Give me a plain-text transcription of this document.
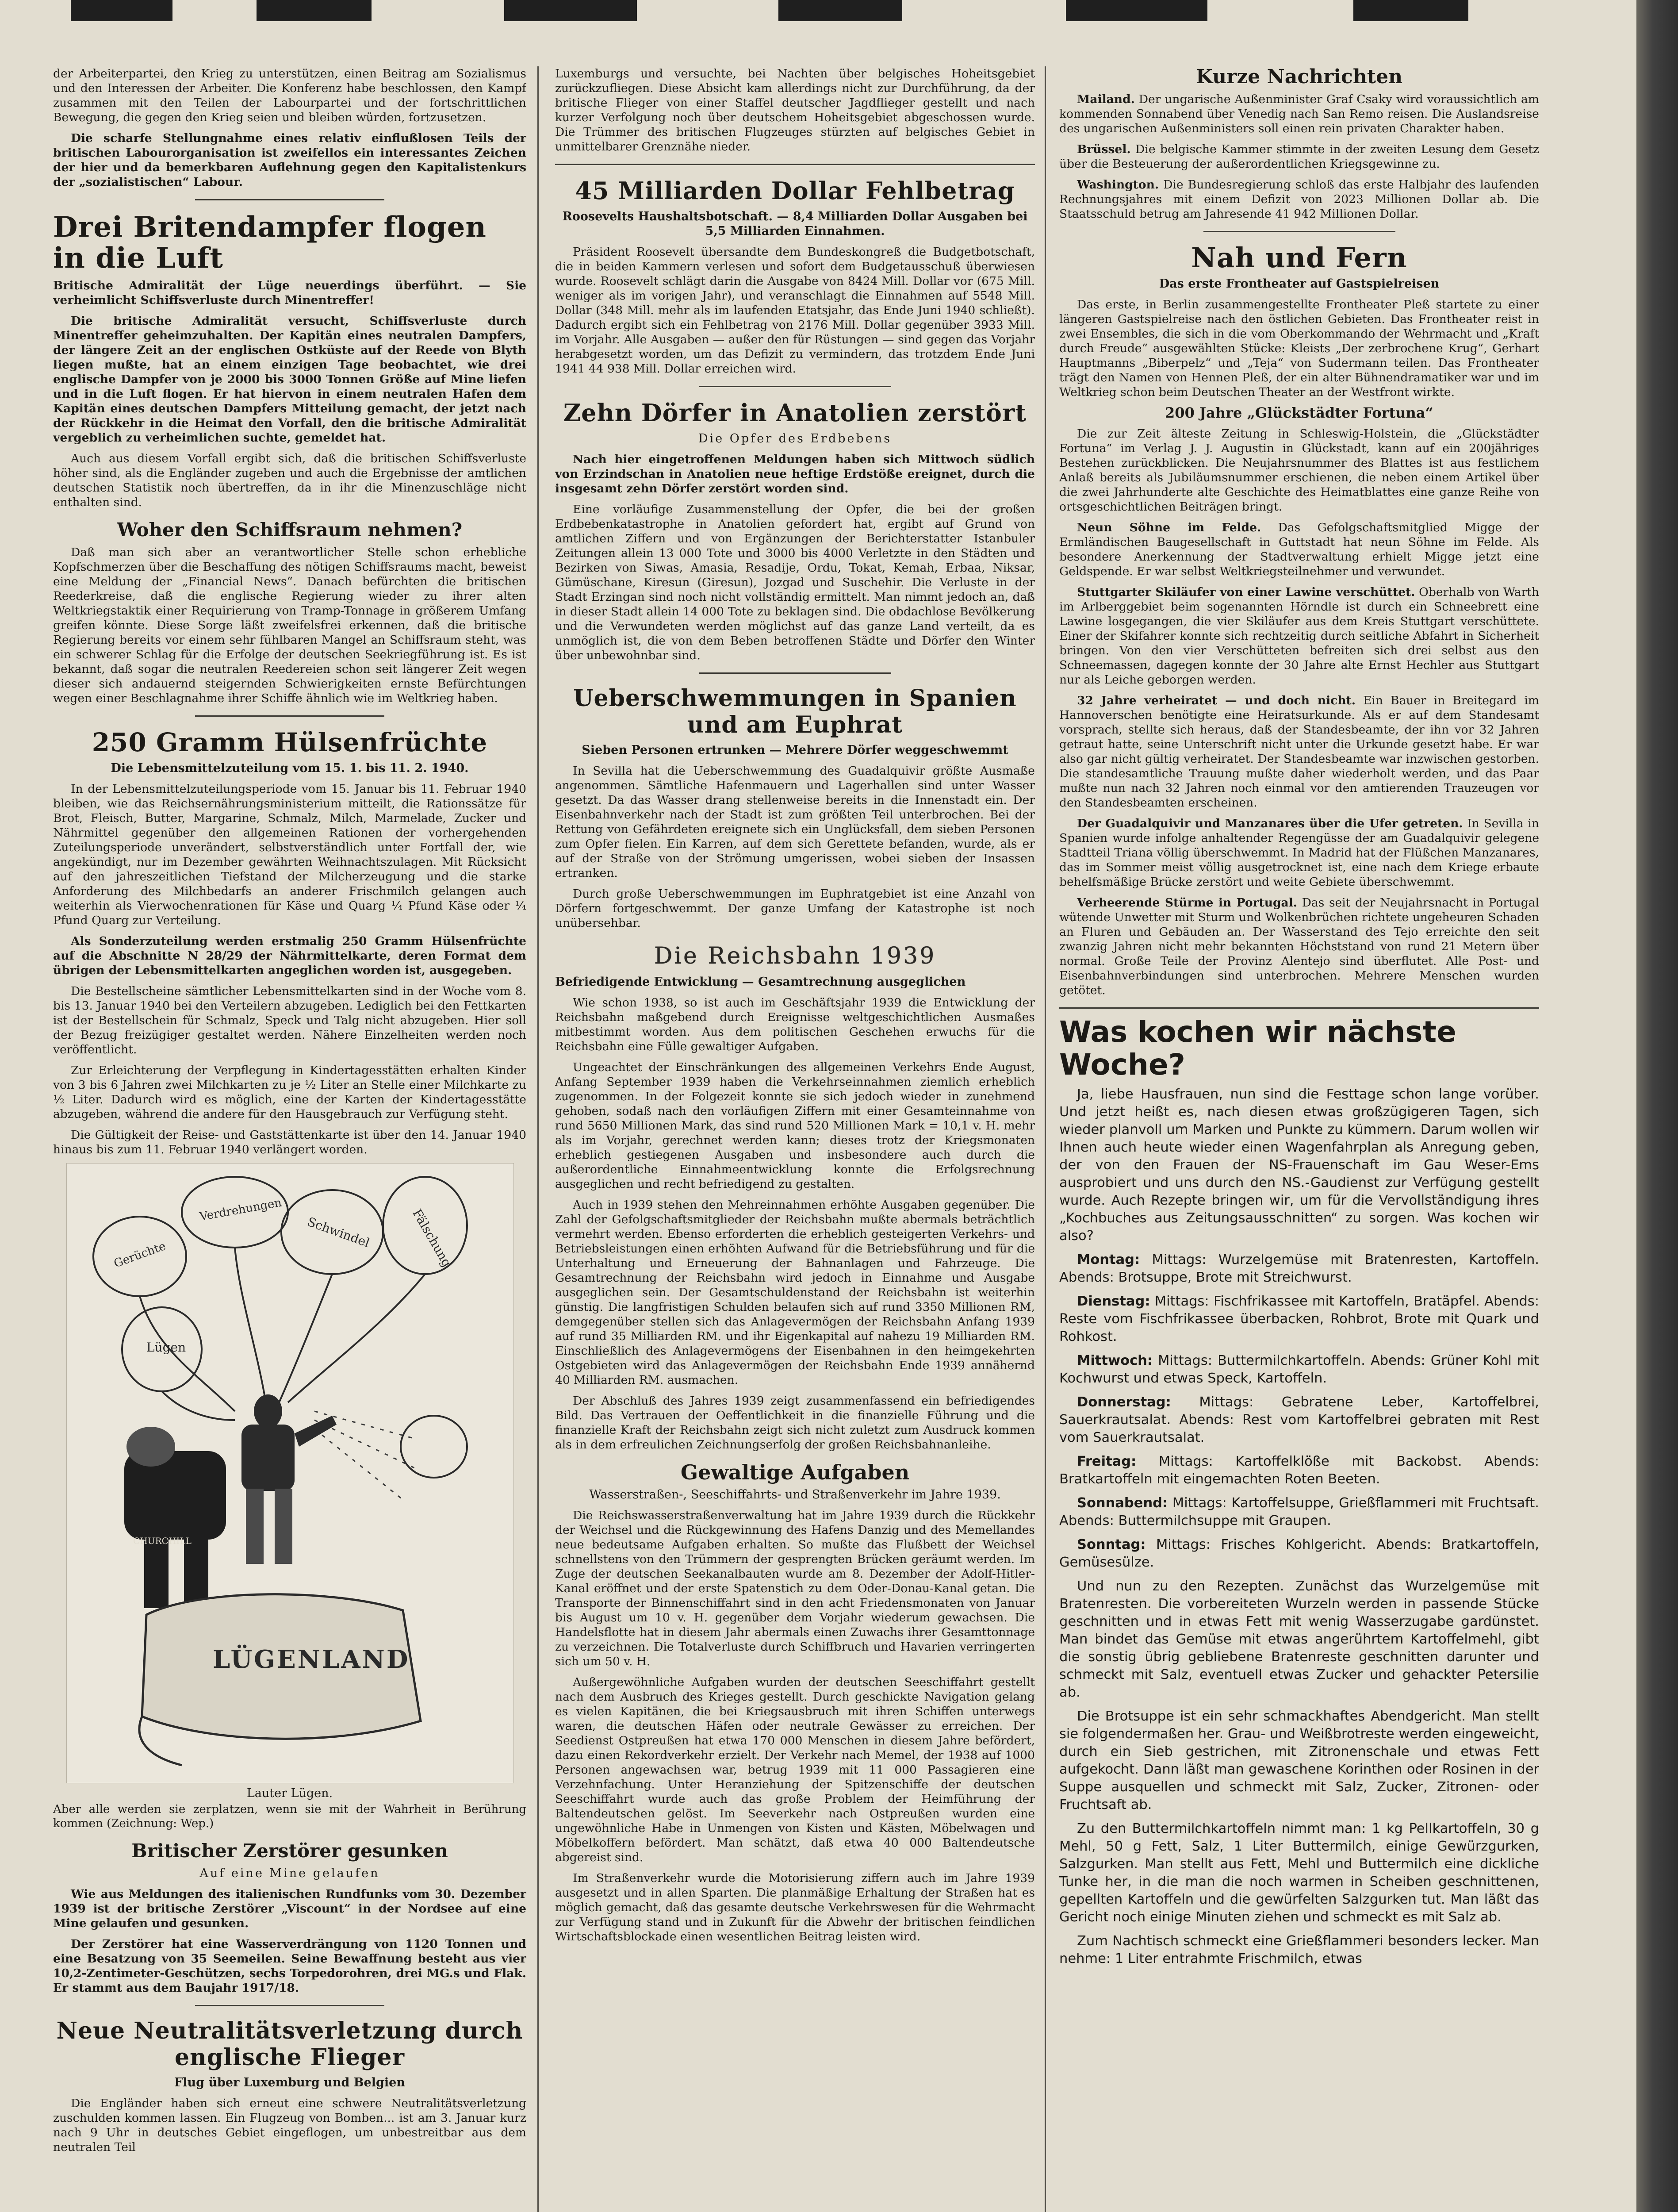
der Arbeiterpartei, den Krieg zu unterstützen, einen Beitrag am Sozialismus und den Interessen der Arbeiter. Die Konferenz habe beschlossen, den Kampf zusammen mit den Teilen der Labourpartei und der fortschrittlichen Bewegung, die gegen den Krieg seien und bleiben würden, fortzusetzen.

Die scharfe Stellungnahme eines relativ einflußlosen Teils der britischen Labourorganisation ist zweifellos ein interessantes Zeichen der hier und da bemerkbaren Auflehnung gegen den Kapitalistenkurs der „sozialistischen“ Labour.

Drei Britendampfer flogen in die Luft

Britische Admiralität der Lüge neuerdings überführt. — Sie verheimlicht Schiffsverluste durch Minentreffer!

Die britische Admiralität versucht, Schiffsverluste durch Minentreffer geheimzuhalten. Der Kapitän eines neutralen Dampfers, der längere Zeit an der englischen Ostküste auf der Reede von Blyth liegen mußte, hat an einem einzigen Tage beobachtet, wie drei englische Dampfer von je 2000 bis 3000 Tonnen Größe auf Mine liefen und in die Luft flogen. Er hat hiervon in einem neutralen Hafen dem Kapitän eines deutschen Dampfers Mitteilung gemacht, der jetzt nach der Rückkehr in die Heimat den Vorfall, den die britische Admiralität vergeblich zu verheimlichen suchte, gemeldet hat.

Auch aus diesem Vorfall ergibt sich, daß die britischen Schiffsverluste höher sind, als die Engländer zugeben und auch die Ergebnisse der amtlichen deutschen Statistik noch übertreffen, da in ihr die Minenzuschläge nicht enthalten sind.

Woher den Schiffsraum nehmen?

Daß man sich aber an verantwortlicher Stelle schon erhebliche Kopfschmerzen über die Beschaffung des nötigen Schiffsraums macht, beweist eine Meldung der „Financial News“. Danach befürchten die britischen Reederkreise, daß die englische Regierung wieder zu ihrer alten Weltkriegstaktik einer Requirierung von Tramp-Tonnage in größerem Umfang greifen könnte. Diese Sorge läßt zweifelsfrei erkennen, daß die britische Regierung bereits vor einem sehr fühlbaren Mangel an Schiffsraum steht, was ein schwerer Schlag für die Erfolge der deutschen Seekriegführung ist. Es ist bekannt, daß sogar die neutralen Reedereien schon seit längerer Zeit wegen dieser sich andauernd steigernden Schwierigkeiten ernste Befürchtungen wegen einer Beschlagnahme ihrer Schiffe ähnlich wie im Weltkrieg haben.

250 Gramm Hülsenfrüchte

Die Lebensmittelzuteilung vom 15. 1. bis 11. 2. 1940.

In der Lebensmittelzuteilungsperiode vom 15. Januar bis 11. Februar 1940 bleiben, wie das Reichsernährungsministerium mitteilt, die Rationssätze für Brot, Fleisch, Butter, Margarine, Schmalz, Milch, Marmelade, Zucker und Nährmittel gegenüber den allgemeinen Rationen der vorhergehenden Zuteilungsperiode unverändert, selbstverständlich unter Fortfall der, wie angekündigt, nur im Dezember gewährten Weihnachtszulagen. Mit Rücksicht auf den jahreszeitlichen Tiefstand der Milcherzeugung und die starke Anforderung des Milchbedarfs an anderer Frischmilch gelangen auch weiterhin als Vierwochenrationen für Käse und Quarg ¼ Pfund Käse oder ¼ Pfund Quarg zur Verteilung.

Als Sonderzuteilung werden erstmalig 250 Gramm Hülsenfrüchte auf die Abschnitte N 28/29 der Nährmittelkarte, deren Format dem übrigen der Lebensmittelkarten angeglichen worden ist, ausgegeben.

Die Bestellscheine sämtlicher Lebensmittelkarten sind in der Woche vom 8. bis 13. Januar 1940 bei den Verteilern abzugeben. Lediglich bei den Fettkarten ist der Bestellschein für Schmalz, Speck und Talg nicht abzugeben. Hier soll der Bezug freizügiger gestaltet werden. Nähere Einzelheiten werden noch veröffentlicht.

Zur Erleichterung der Verpflegung in Kindertagesstätten erhalten Kinder von 3 bis 6 Jahren zwei Milchkarten zu je ½ Liter an Stelle einer Milchkarte zu ½ Liter. Dadurch wird es möglich, eine der Karten der Kindertagesstätte abzugeben, während die andere für den Hausgebrauch zur Verfügung steht.

Die Gültigkeit der Reise- und Gaststättenkarte ist über den 14. Januar 1940 hinaus bis zum 11. Februar 1940 verlängert worden.

Gerüchte
Verdrehungen
Schwindel	Fälschung
Lügen
CHURCHILL
LÜGENLAND
Lauter Lügen.
Aber alle werden sie zerplatzen, wenn sie mit der Wahrheit in Berührung kommen (Zeichnung: Wep.)
Britischer Zerstörer gesunken

Auf eine Mine gelaufen

Wie aus Meldungen des italienischen Rundfunks vom 30. Dezember 1939 ist der britische Zerstörer „Viscount“ in der Nordsee auf eine Mine gelaufen und gesunken.

Der Zerstörer hat eine Wasserverdrängung von 1120 Tonnen und eine Besatzung von 35 Seemeilen. Seine Bewaffnung besteht aus vier 10,2-Zentimeter-Geschützen, sechs Torpedorohren, drei MG.s und Flak. Er stammt aus dem Baujahr 1917/18.

Neue Neutralitätsverletzung durch englische Flieger

Flug über Luxemburg und Belgien

Die Engländer haben sich erneut eine schwere Neutralitätsverletzung zuschulden kommen lassen. Ein Flugzeug von Bomben... ist am 3. Januar kurz nach 9 Uhr in deutsches Gebiet eingeflogen, um unbestreitbar aus dem neutralen Teil

Luxemburgs und versuchte, bei Nachten über belgisches Hoheitsgebiet zurückzufliegen. Diese Absicht kam allerdings nicht zur Durchführung, da der britische Flieger von einer Staffel deutscher Jagdflieger gestellt und nach kurzer Verfolgung noch über deutschem Hoheitsgebiet abgeschossen wurde. Die Trümmer des britischen Flugzeuges stürzten auf belgisches Gebiet in unmittelbarer Grenznähe nieder.

45 Milliarden Dollar Fehlbetrag

Roosevelts Haushaltsbotschaft. — 8,4 Milliarden Dollar Ausgaben bei 5,5 Milliarden Einnahmen.

Präsident Roosevelt übersandte dem Bundeskongreß die Budgetbotschaft, die in beiden Kammern verlesen und sofort dem Budgetausschuß überwiesen wurde. Roosevelt schlägt darin die Ausgabe von 8424 Mill. Dollar vor (675 Mill. weniger als im vorigen Jahr), und veranschlagt die Einnahmen auf 5548 Mill. Dollar (348 Mill. mehr als im laufenden Etatsjahr, das Ende Juni 1940 schließt). Dadurch ergibt sich ein Fehlbetrag von 2176 Mill. Dollar gegenüber 3933 Mill. im Vorjahr. Alle Ausgaben — außer den für Rüstungen — sind gegen das Vorjahr herabgesetzt worden, um das Defizit zu vermindern, das trotzdem Ende Juni 1941 44 938 Mill. Dollar erreichen wird.

Zehn Dörfer in Anatolien zerstört

Die Opfer des Erdbebens

Nach hier eingetroffenen Meldungen haben sich Mittwoch südlich von Erzindschan in Anatolien neue heftige Erdstöße ereignet, durch die insgesamt zehn Dörfer zerstört worden sind.

Eine vorläufige Zusammenstellung der Opfer, die bei der großen Erdbebenkatastrophe in Anatolien gefordert hat, ergibt auf Grund von amtlichen Ziffern und von Ergänzungen der Berichterstatter Istanbuler Zeitungen allein 13 000 Tote und 3000 bis 4000 Verletzte in den Städten und Bezirken von Siwas, Amasia, Resadije, Ordu, Tokat, Kemah, Erbaa, Niksar, Gümüschane, Kiresun (Giresun), Jozgad und Suschehir. Die Verluste in der Stadt Erzingan sind noch nicht vollständig ermittelt. Man nimmt jedoch an, daß in dieser Stadt allein 14 000 Tote zu beklagen sind. Die obdachlose Bevölkerung und die Verwundeten werden möglichst auf das ganze Land verteilt, da es unmöglich ist, die von dem Beben betroffenen Städte und Dörfer den Winter über unbewohnbar sind.

Ueberschwemmungen in Spanien und am Euphrat

Sieben Personen ertrunken — Mehrere Dörfer weggeschwemmt

In Sevilla hat die Ueberschwemmung des Guadalquivir größte Ausmaße angenommen. Sämtliche Hafenmauern und Lagerhallen sind unter Wasser gesetzt. Da das Wasser drang stellenweise bereits in die Innenstadt ein. Der Eisenbahnverkehr nach der Stadt ist zum größten Teil unterbrochen. Bei der Rettung von Gefährdeten ereignete sich ein Unglücksfall, dem sieben Personen zum Opfer fielen. Ein Karren, auf dem sich Gerettete befanden, wurde, als er auf der Straße von der Strömung umgerissen, wobei sieben der Insassen ertranken.

Durch große Ueberschwemmungen im Euphratgebiet ist eine Anzahl von Dörfern fortgeschwemmt. Der ganze Umfang der Katastrophe ist noch unübersehbar.

Die Reichsbahn 1939

Befriedigende Entwicklung — Gesamtrechnung ausgeglichen

Wie schon 1938, so ist auch im Geschäftsjahr 1939 die Entwicklung der Reichsbahn maßgebend durch Ereignisse weltgeschichtlichen Ausmaßes mitbestimmt worden. Aus dem politischen Geschehen erwuchs für die Reichsbahn eine Fülle gewaltiger Aufgaben.

Ungeachtet der Einschränkungen des allgemeinen Verkehrs Ende August, Anfang September 1939 haben die Verkehrseinnahmen ziemlich erheblich zugenommen. In der Folgezeit konnte sie sich jedoch wieder in zunehmend gehoben, sodaß nach den vorläufigen Ziffern mit einer Gesamteinnahme von rund 5650 Millionen Mark, das sind rund 520 Millionen Mark = 10,1 v. H. mehr als im Vorjahr, gerechnet werden kann; dieses trotz der Kriegsmonaten erheblich gestiegenen Ausgaben und insbesondere auch durch die außerordentliche Einnahmeentwicklung konnte die Erfolgsrechnung ausgeglichen und recht befriedigend zu gestalten.

Auch in 1939 stehen den Mehreinnahmen erhöhte Ausgaben gegenüber. Die Zahl der Gefolgschaftsmitglieder der Reichsbahn mußte abermals beträchtlich vermehrt werden. Ebenso erforderten die erheblich gesteigerten Verkehrs- und Betriebsleistungen einen erhöhten Aufwand für die Betriebsführung und für die Unterhaltung und Erneuerung der Bahnanlagen und Fahrzeuge. Die Gesamtrechnung der Reichsbahn wird jedoch in Einnahme und Ausgabe ausgeglichen sein. Der Gesamtschuldenstand der Reichsbahn ist weiterhin günstig. Die langfristigen Schulden belaufen sich auf rund 3350 Millionen RM, demgegenüber stellen sich das Anlagevermögen der Reichsbahn Anfang 1939 auf rund 35 Milliarden RM. und ihr Eigenkapital auf nahezu 19 Milliarden RM. Einschließlich des Anlagevermögens der Eisenbahnen in den heimgekehrten Ostgebieten wird das Anlagevermögen der Reichsbahn Ende 1939 annähernd 40 Milliarden RM. ausmachen.

Der Abschluß des Jahres 1939 zeigt zusammenfassend ein befriedigendes Bild. Das Vertrauen der Oeffentlichkeit in die finanzielle Führung und die finanzielle Kraft der Reichsbahn zeigt sich nicht zuletzt zum Ausdruck kommen als in dem erfreulichen Zeichnungserfolg der großen Reichsbahnanleihe.

Gewaltige Aufgaben

Wasserstraßen-, Seeschiffahrts- und Straßenverkehr im Jahre 1939.

Die Reichswasserstraßenverwaltung hat im Jahre 1939 durch die Rückkehr der Weichsel und die Rückgewinnung des Hafens Danzig und des Memellandes neue bedeutsame Aufgaben erhalten. So mußte das Flußbett der Weichsel schnellstens von den Trümmern der gesprengten Brücken geräumt werden. Im Zuge der deutschen Seekanalbauten wurde am 8. Dezember der Adolf-Hitler-Kanal eröffnet und der erste Spatenstich zu dem Oder-Donau-Kanal getan. Die Transporte der Binnenschiffahrt sind in den acht Friedensmonaten von Januar bis August um 10 v. H. gegenüber dem Vorjahr wiederum gewachsen. Die Handelsflotte hat in diesem Jahr abermals einen Zuwachs ihrer Gesamttonnage zu verzeichnen. Die Totalverluste durch Schiffbruch und Havarien verringerten sich um 50 v. H.

Außergewöhnliche Aufgaben wurden der deutschen Seeschiffahrt gestellt nach dem Ausbruch des Krieges gestellt. Durch geschickte Navigation gelang es vielen Kapitänen, die bei Kriegsausbruch mit ihren Schiffen unterwegs waren, die deutschen Häfen oder neutrale Gewässer zu erreichen. Der Seedienst Ostpreußen hat etwa 170 000 Menschen in diesem Jahre befördert, dazu einen Rekordverkehr erzielt. Der Verkehr nach Memel, der 1938 auf 1000 Personen angewachsen war, betrug 1939 mit 11 000 Passagieren eine Verzehnfachung. Unter Heranziehung der Spitzenschiffe der deutschen Seeschiffahrt wurde auch das große Problem der Heimführung der Baltendeutschen gelöst. Im Seeverkehr nach Ostpreußen wurden eine ungewöhnliche Habe in Unmengen von Kisten und Kästen, Möbelwagen und Möbelkoffern befördert. Man schätzt, daß etwa 40 000 Baltendeutsche abgereist sind.

Im Straßenverkehr wurde die Motorisierung ziffern auch im Jahre 1939 ausgesetzt und in allen Sparten. Die planmäßige Erhaltung der Straßen hat es möglich gemacht, daß das gesamte deutsche Verkehrswesen für die Wehrmacht zur Verfügung stand und in Zukunft für die Abwehr der britischen feindlichen Wirtschaftsblockade einen wesentlichen Beitrag leisten wird.

Kurze Nachrichten

Mailand. Der ungarische Außenminister Graf Csaky wird voraussichtlich am kommenden Sonnabend über Venedig nach San Remo reisen. Die Auslandsreise des ungarischen Außenministers soll einen rein privaten Charakter haben.

Brüssel. Die belgische Kammer stimmte in der zweiten Lesung dem Gesetz über die Besteuerung der außerordentlichen Kriegsgewinne zu.

Washington. Die Bundesregierung schloß das erste Halbjahr des laufenden Rechnungsjahres mit einem Defizit von 2023 Millionen Dollar ab. Die Staatsschuld betrug am Jahresende 41 942 Millionen Dollar.

Nah und Fern

Das erste Frontheater auf Gastspielreisen

Das erste, in Berlin zusammengestellte Frontheater Pleß startete zu einer längeren Gastspielreise nach den östlichen Gebieten. Das Frontheater reist in zwei Ensembles, die sich in die vom Oberkommando der Wehrmacht und „Kraft durch Freude“ ausgewählten Stücke: Kleists „Der zerbrochene Krug“, Gerhart Hauptmanns „Biberpelz“ und „Teja“ von Sudermann teilen. Das Frontheater trägt den Namen von Hennen Pleß, der ein alter Bühnendramatiker war und im Weltkrieg schon beim Deutschen Theater an der Westfront wirkte.

200 Jahre „Glückstädter Fortuna“

Die zur Zeit älteste Zeitung in Schleswig-Holstein, die „Glückstädter Fortuna“ im Verlag J. J. Augustin in Glückstadt, kann auf ein 200jähriges Bestehen zurückblicken. Die Neujahrsnummer des Blattes ist aus festlichem Anlaß bereits als Jubiläumsnummer erschienen, die neben einem Artikel über die zwei Jahrhunderte alte Geschichte des Heimatblattes eine ganze Reihe von ortsgeschichtlichen Beiträgen bringt.

Neun Söhne im Felde. Das Gefolgschaftsmitglied Migge der Ermländischen Baugesellschaft in Guttstadt hat neun Söhne im Felde. Als besondere Anerkennung der Stadtverwaltung erhielt Migge jetzt eine Geldspende. Er war selbst Weltkriegsteilnehmer und verwundet.

Stuttgarter Skiläufer von einer Lawine verschüttet. Oberhalb von Warth im Arlberggebiet beim sogenannten Hörndle ist durch ein Schneebrett eine Lawine losgegangen, die vier Skiläufer aus dem Kreis Stuttgart verschüttete. Einer der Skifahrer konnte sich rechtzeitig durch seitliche Abfahrt in Sicherheit bringen. Von den vier Verschütteten befreiten sich drei selbst aus den Schneemassen, dagegen konnte der 30 Jahre alte Ernst Hechler aus Stuttgart nur als Leiche geborgen werden.

32 Jahre verheiratet — und doch nicht. Ein Bauer in Breitegard im Hannoverschen benötigte eine Heiratsurkunde. Als er auf dem Standesamt vorsprach, stellte sich heraus, daß der Standesbeamte, der ihn vor 32 Jahren getraut hatte, seine Unterschrift nicht unter die Urkunde gesetzt habe. Er war also gar nicht gültig verheiratet. Der Standesbeamte war inzwischen gestorben. Die standesamtliche Trauung mußte daher wiederholt werden, und das Paar mußte nun nach 32 Jahren noch einmal vor den amtierenden Trauzeugen vor den Standesbeamten erscheinen.

Der Guadalquivir und Manzanares über die Ufer getreten. In Sevilla in Spanien wurde infolge anhaltender Regengüsse der am Guadalquivir gelegene Stadtteil Triana völlig überschwemmt. In Madrid hat der Flüßchen Manzanares, das im Sommer meist völlig ausgetrocknet ist, eine nach dem Kriege erbaute behelfsmäßige Brücke zerstört und weite Gebiete überschwemmt.

Verheerende Stürme in Portugal. Das seit der Neujahrsnacht in Portugal wütende Unwetter mit Sturm und Wolkenbrüchen richtete ungeheuren Schaden an Fluren und Gebäuden an. Der Wasserstand des Tejo erreichte den seit zwanzig Jahren nicht mehr bekannten Höchststand von rund 21 Metern über normal. Große Teile der Provinz Alentejo sind überflutet. Alle Post- und Eisenbahnverbindungen sind unterbrochen. Mehrere Menschen wurden getötet.

Was kochen wir nächste Woche?

Ja, liebe Hausfrauen, nun sind die Festtage schon lange vorüber. Und jetzt heißt es, nach diesen etwas großzügigeren Tagen, sich wieder planvoll um Marken und Punkte zu kümmern. Darum wollen wir Ihnen auch heute wieder einen Wagenfahrplan als Anregung geben, der von den Frauen der NS-Frauenschaft im Gau Weser-Ems ausprobiert und uns durch den NS.-Gaudienst zur Verfügung gestellt wurde. Auch Rezepte bringen wir, um für die Vervollständigung ihres „Kochbuches aus Zeitungsausschnitten“ zu sorgen. Was kochen wir also?

Montag: Mittags: Wurzelgemüse mit Bratenresten, Kartoffeln. Abends: Brotsuppe, Brote mit Streichwurst.

Dienstag: Mittags: Fischfrikassee mit Kartoffeln, Bratäpfel. Abends: Reste vom Fischfrikassee überbacken, Rohbrot, Brote mit Quark und Rohkost.

Mittwoch: Mittags: Buttermilchkartoffeln. Abends: Grüner Kohl mit Kochwurst und etwas Speck, Kartoffeln.

Donnerstag: Mittags: Gebratene Leber, Kartoffelbrei, Sauerkrautsalat. Abends: Rest vom Kartoffelbrei gebraten mit Rest vom Sauerkrautsalat.

Freitag: Mittags: Kartoffelklöße mit Backobst. Abends: Bratkartoffeln mit eingemachten Roten Beeten.

Sonnabend: Mittags: Kartoffelsuppe, Grießflammeri mit Fruchtsaft. Abends: Buttermilchsuppe mit Graupen.

Sonntag: Mittags: Frisches Kohlgericht. Abends: Bratkartoffeln, Gemüsesülze.

Und nun zu den Rezepten. Zunächst das Wurzelgemüse mit Bratenresten. Die vorbereiteten Wurzeln werden in passende Stücke geschnitten und in etwas Fett mit wenig Wasserzugabe gardünstet. Man bindet das Gemüse mit etwas angerührtem Kartoffelmehl, gibt die sonstig übrig gebliebene Bratenreste geschnitten darunter und schmeckt mit Salz, eventuell etwas Zucker und gehackter Petersilie ab.

Die Brotsuppe ist ein sehr schmackhaftes Abendgericht. Man stellt sie folgendermaßen her. Grau- und Weißbrotreste werden eingeweicht, durch ein Sieb gestrichen, mit Zitronenschale und etwas Fett aufgekocht. Dann läßt man gewaschene Korinthen oder Rosinen in der Suppe ausquellen und schmeckt mit Salz, Zucker, Zitronen- oder Fruchtsaft ab.

Zu den Buttermilchkartoffeln nimmt man: 1 kg Pellkartoffeln, 30 g Mehl, 50 g Fett, Salz, 1 Liter Buttermilch, einige Gewürzgurken, Salzgurken. Man stellt aus Fett, Mehl und Buttermilch eine dickliche Tunke her, in die man die noch warmen in Scheiben geschnittenen, gepellten Kartoffeln und die gewürfelten Salzgurken tut. Man läßt das Gericht noch einige Minuten ziehen und schmeckt es mit Salz ab.

Zum Nachtisch schmeckt eine Grießflammeri besonders lecker. Man nehme: 1 Liter entrahmte Frischmilch, etwas
